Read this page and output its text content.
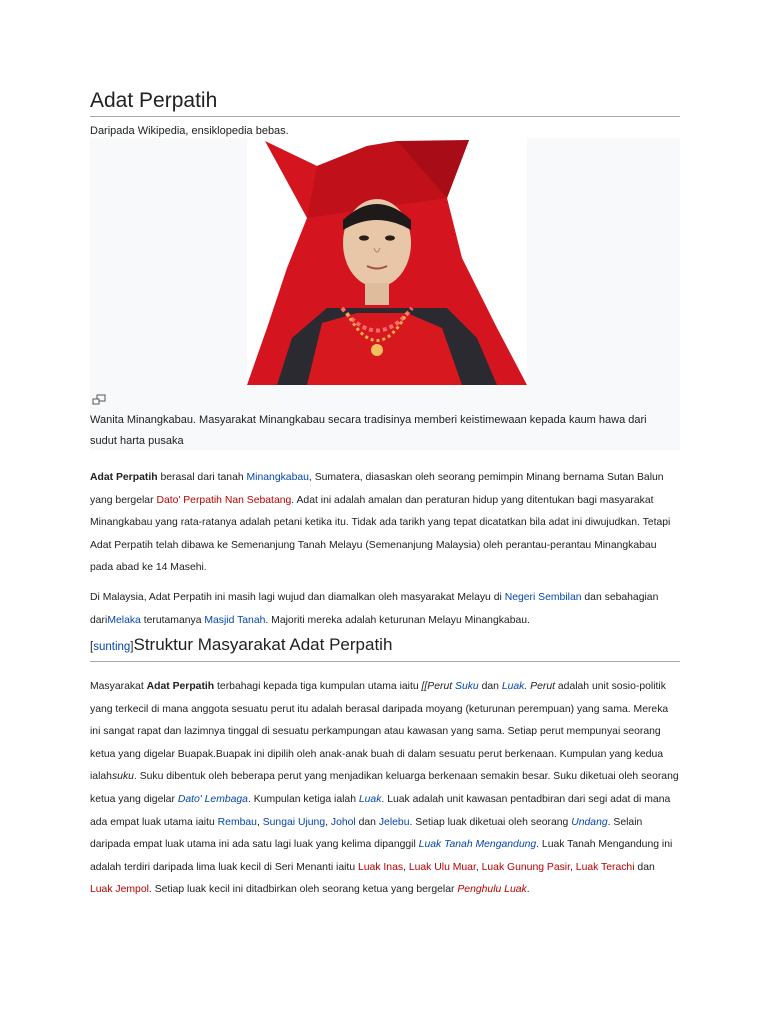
Adat Perpatih
Daripada Wikipedia, ensiklopedia bebas.
Wanita Minangkabau. Masyarakat Minangkabau secara tradisinya memberi keistimewaan kepada kaum hawa dari sudut harta pusaka

Adat Perpatih berasal dari tanah Minangkabau, Sumatera, diasaskan oleh seorang pemimpin Minang bernama Sutan Balun yang bergelar Dato' Perpatih Nan Sebatang. Adat ini adalah amalan dan peraturan hidup yang ditentukan bagi masyarakat Minangkabau yang rata-ratanya adalah petani ketika itu. Tidak ada tarikh yang tepat dicatatkan bila adat ini diwujudkan. Tetapi Adat Perpatih telah dibawa ke Semenanjung Tanah Melayu (Semenanjung Malaysia) oleh perantau-perantau Minangkabau pada abad ke 14 Masehi.

Di Malaysia, Adat Perpatih ini masih lagi wujud dan diamalkan oleh masyarakat Melayu di Negeri Sembilan dan sebahagian dariMelaka terutamanya Masjid Tanah. Majoriti mereka adalah keturunan Melayu Minangkabau.

[sunting]Struktur Masyarakat Adat Perpatih

Masyarakat Adat Perpatih terbahagi kepada tiga kumpulan utama iaitu [[Perut Suku dan Luak. Perut adalah unit sosio-politik yang terkecil di mana anggota sesuatu perut itu adalah berasal daripada moyang (keturunan perempuan) yang sama. Mereka ini sangat rapat dan lazimnya tinggal di sesuatu perkampungan atau kawasan yang sama. Setiap perut mempunyai seorang ketua yang digelar Buapak.Buapak ini dipilih oleh anak-anak buah di dalam sesuatu perut berkenaan. Kumpulan yang kedua ialahsuku. Suku dibentuk oleh beberapa perut yang menjadikan keluarga berkenaan semakin besar. Suku diketuai oleh seorang ketua yang digelar Dato' Lembaga. Kumpulan ketiga ialah Luak. Luak adalah unit kawasan pentadbiran dari segi adat di mana ada empat luak utama iaitu Rembau, Sungai Ujung, Johol dan Jelebu. Setiap luak diketuai oleh seorang Undang. Selain daripada empat luak utama ini ada satu lagi luak yang kelima dipanggil Luak Tanah Mengandung. Luak Tanah Mengandung ini adalah terdiri daripada lima luak kecil di Seri Menanti iaitu Luak Inas, Luak Ulu Muar, Luak Gunung Pasir, Luak Terachi dan Luak Jempol. Setiap luak kecil ini ditadbirkan oleh seorang ketua yang bergelar Penghulu Luak.
